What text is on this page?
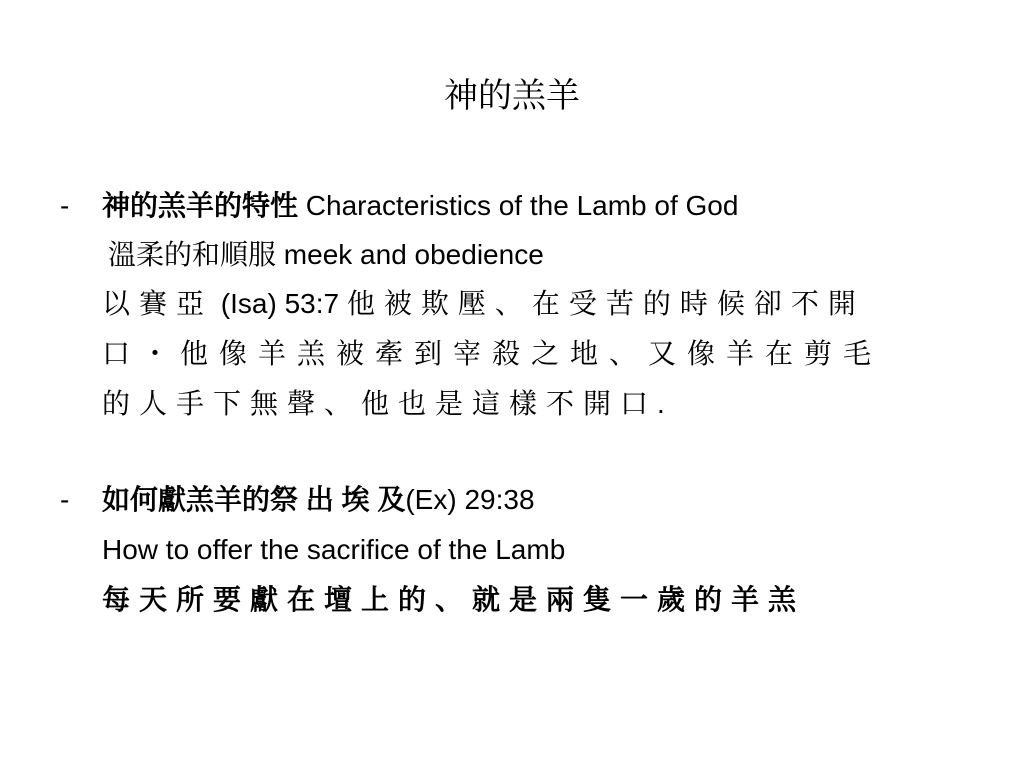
神的羔羊
- 神的羔羊的特性 Characteristics of the Lamb of God
溫柔的和順服 meek and obedience
以賽亞 (Isa) 53:7 他被欺壓、在受苦的時候卻不開
口・他像羊羔被牽到宰殺之地、又像羊在剪毛
的人手下無聲、他也是這樣不開口.
- 如何獻羔羊的祭 出 埃 及(Ex) 29:38
How to offer the sacrifice of the Lamb
每天所要獻在壇上的、就是兩隻一歲的羊羔
